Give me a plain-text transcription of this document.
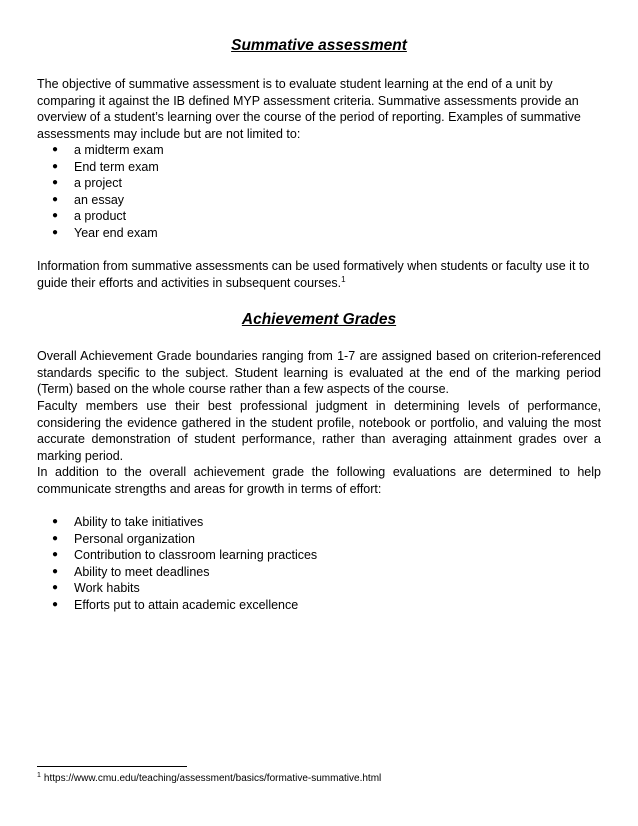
Summative assessment

The objective of summative assessment is to evaluate student learning at the end of a unit by comparing it against the IB defined MYP assessment criteria. Summative assessments provide an overview of a student’s learning over the course of the period of reporting. Examples of summative assessments may include but are not limited to:

● a midterm exam
● End term exam
● a project
● an essay
● a product
● Year end exam

Information from summative assessments can be used formatively when students or faculty use it to guide their efforts and activities in subsequent courses.$^1$

Achievement Grades

Overall Achievement Grade boundaries ranging from 1-7 are assigned based on criterion-referenced standards specific to the subject. Student learning is evaluated at the end of the marking period (Term) based on the whole course rather than a few aspects of the course.

Faculty members use their best professional judgment in determining levels of performance, considering the evidence gathered in the student profile, notebook or portfolio, and valuing the most accurate demonstration of student performance, rather than averaging attainment grades over a marking period.

In addition to the overall achievement grade the following evaluations are determined to help communicate strengths and areas for growth in terms of effort:

● Ability to take initiatives
● Personal organization
● Contribution to classroom learning practices
● Ability to meet deadlines
● Work habits
● Efforts put to attain academic excellence
$^1$ https://www.cmu.edu/teaching/assessment/basics/formative-summative.html
